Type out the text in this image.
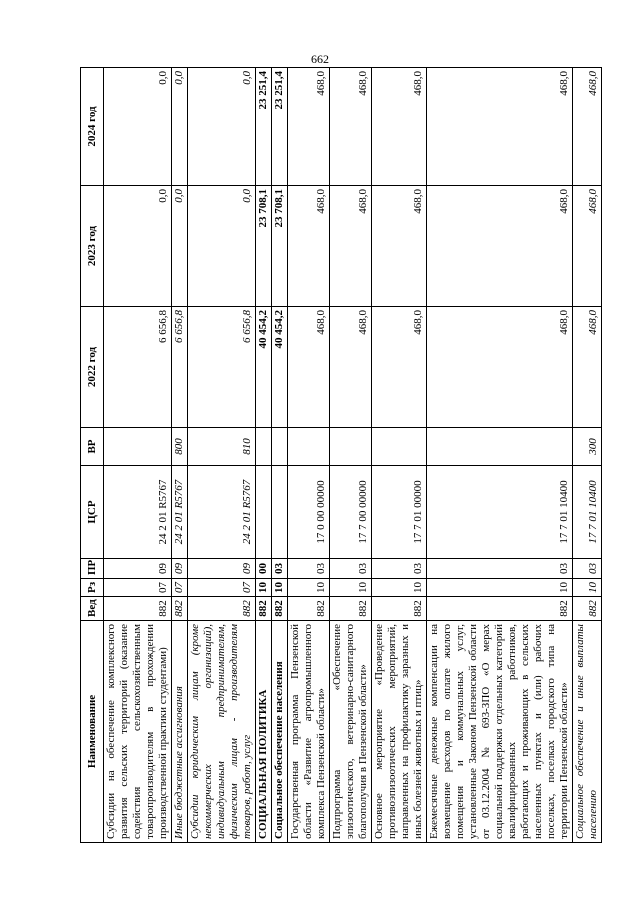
662
Наименование	Вед	Рз	ПР	ЦСР	ВР	2022 год	2023 год	2024 год
Субсидии на обеспечение комплексного развития сельских территорий (оказание содействия сельскохозяйственным товаропроизводителям в прохождении производственной практики студентами)	882	07	09	24 2 01 R5767		6 656,8	0,0	0,0
Иные бюджетные ассигнования	882	07	09	24 2 01 R5767	800	6 656,8	0,0	0,0
Субсидии юридическим лицам (кроме некоммерческих организаций), индивидуальным предпринимателям, физическим лицам - производителям товаров, работ, услуг	882	07	09	24 2 01 R5767	810	6 656,8	0,0	0,0
СОЦИАЛЬНАЯ ПОЛИТИКА	882	10	00			40 454,2	23 708,1	23 251,4
Социальное обеспечение населения	882	10	03			40 454,2	23 708,1	23 251,4
Государственная программа Пензенской области «Развитие агропромышленного комплекса Пензенской области»	882	10	03	17 0 00 00000		468,0	468,0	468,0
Подпрограмма «Обеспечение эпизоотического, ветеринарно-санитарного благополучия в Пензенской области»	882	10	03	17 7 00 00000		468,0	468,0	468,0
Основное мероприятие «Проведение противоэпизоотических мероприятий, направленных на профилактику заразных и иных болезней животных и птиц»	882	10	03	17 7 01 00000		468,0	468,0	468,0
Ежемесячные денежные компенсации на возмещение расходов по оплате жилого помещения и коммунальных услуг, установленные Законом Пензенской области от 03.12.2004 № 693-ЗПО «О мерах социальной поддержки отдельных категорий квалифицированных работников, работающих и проживающих в сельских населенных пунктах и (или) рабочих поселках, поселках городского типа на территории Пензенской области»	882	10	03	17 7 01 10400		468,0	468,0	468,0
Социальное обеспечение и иные выплаты населению	882	10	03	17 7 01 10400	300	468,0	468,0	468,0
